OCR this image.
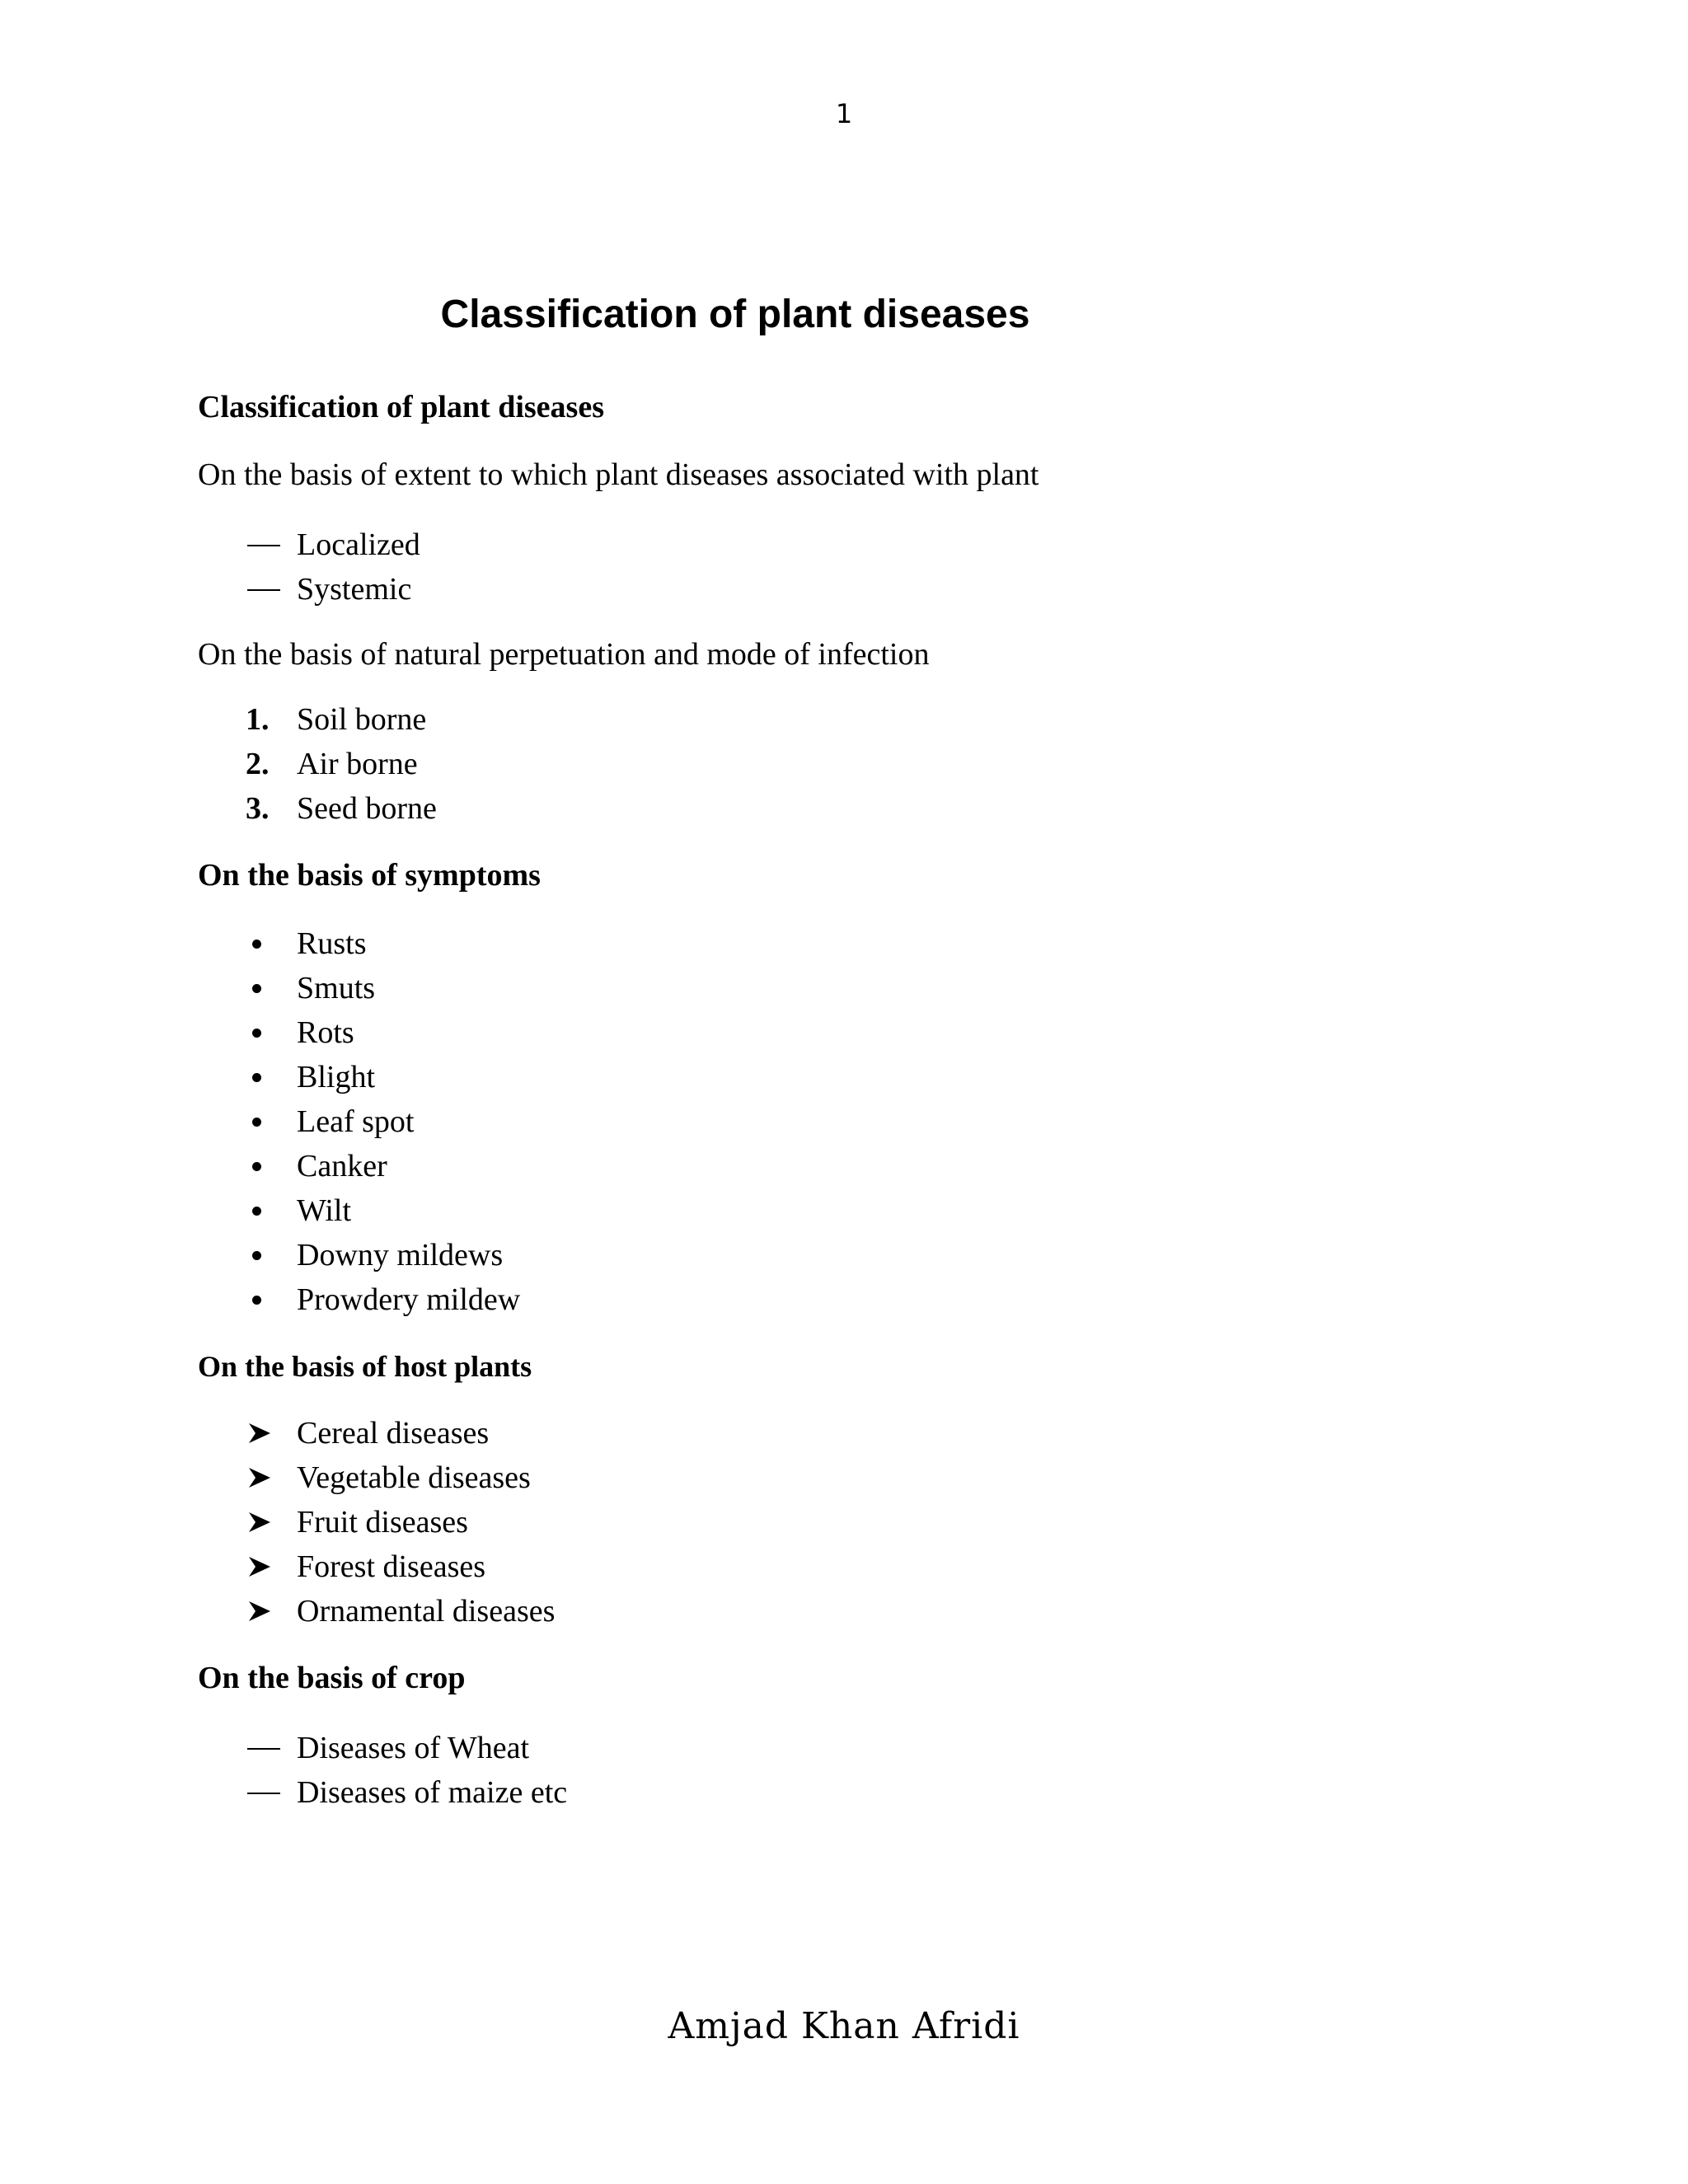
1
Classification of plant diseases

Classification of plant diseases

On the basis of extent to which plant diseases associated with plant

Localized
Systemic

On the basis of natural perpetuation and mode of infection

1. Soil borne
2. Air borne
3. Seed borne

On the basis of symptoms

Rusts
Smuts
Rots
Blight
Leaf spot
Canker
Wilt
Downy mildews
Prowdery mildew

On the basis of host plants

Cereal diseases
Vegetable diseases
Fruit diseases
Forest diseases
Ornamental diseases

On the basis of crop

Diseases of Wheat
Diseases of maize etc
Amjad Khan Afridi
